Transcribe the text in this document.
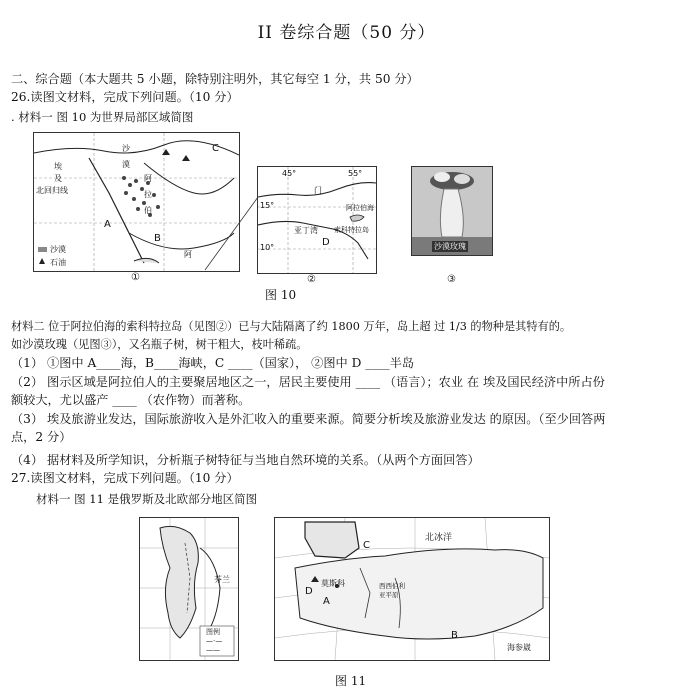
II 卷综合题（50 分）
二、综合题（本大题共 5 小题，除特别注明外，其它每空 1 分，共 50 分）
26.读图文材料，完成下列问题。（10 分）
. 材料一 图 10 为世界局部区域简图
沙
漠
阿
拉
伯
埃
及
北回归线
A
B
C
沙漠
石油
阿
①
45°	55°
15°
10°
门
亚丁湾 索科特拉岛
阿拉伯海
D
②
沙漠玫瑰
③
图 10
材料二 位于阿拉伯海的索科特拉岛（见图②）已与大陆隔离了约 1800 万年，岛上超 过 1/3 的物种是其特有的。
如沙漠玫瑰（见图③），又名瓶子树，树干粗大，枝叶稀疏。
（1） ①图中 A____海，B____海峡，C ____（国家）， ②图中 D ____半岛
（2） 图示区域是阿拉伯人的主要聚居地区之一，居民主要使用 ____ （语言）；农业 在 埃及国民经济中所占份
额较大，尤以盛产 ____ （农作物）而著称。
（3） 埃及旅游业发达，国际旅游收入是外汇收入的重要来源。简要分析埃及旅游业发达 的原因。（至少回答两
点，2 分）
（4） 据材料及所学知识，分析瓶子树特征与当地自然环境的关系。（从两个方面回答）
27.读图文材料，完成下列问题。（10 分）
材料一 图 11 是俄罗斯及北欧部分地区简图
芬兰
图例
—·—
——
北冰洋
C
D
A
B
莫斯科	西西伯利亚平原
海参崴
图 11
